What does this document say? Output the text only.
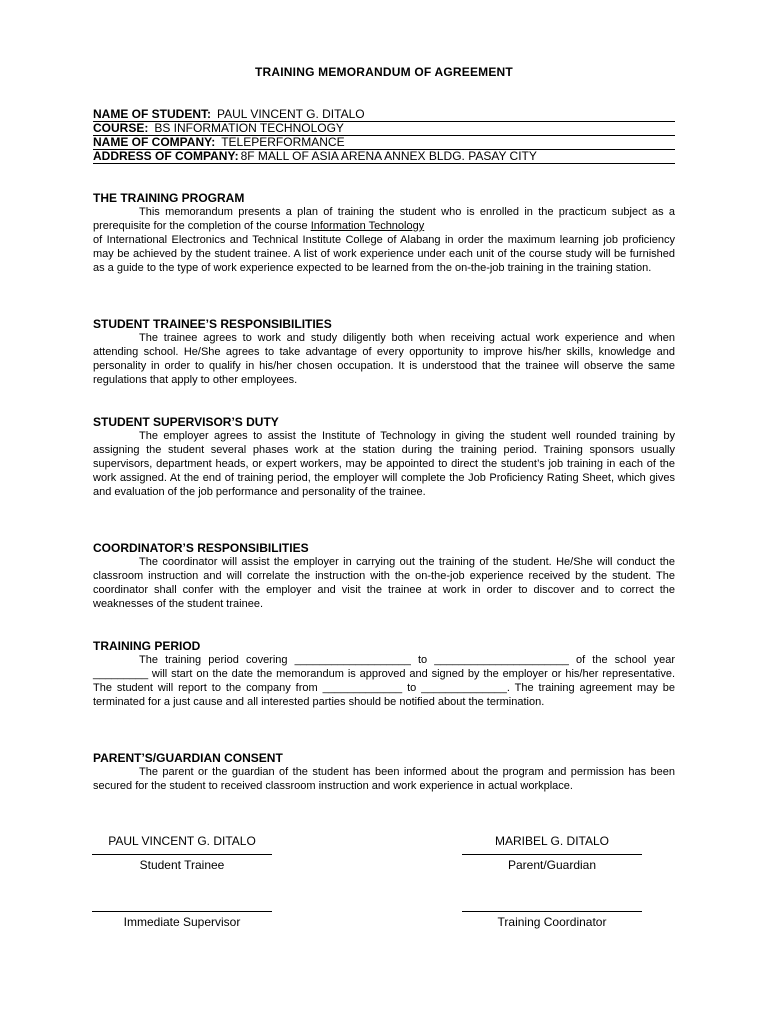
TRAINING MEMORANDUM OF AGREEMENT
NAME OF STUDENT: PAUL VINCENT G. DITALO
COURSE: BS INFORMATION TECHNOLOGY
NAME OF COMPANY: TELEPERFORMANCE
ADDRESS OF COMPANY: 8F MALL OF ASIA ARENA ANNEX BLDG. PASAY CITY
THE TRAINING PROGRAM

This memorandum presents a plan of training the student who is enrolled in the practicum subject as a prerequisite for the completion of the course Information Technology

of International Electronics and Technical Institute College of Alabang in order the maximum learning job proficiency may be achieved by the student trainee. A list of work experience under each unit of the course study will be furnished as a guide to the type of work experience expected to be learned from the on-the-job training in the training station.

STUDENT TRAINEE’S RESPONSIBILITIES

The trainee agrees to work and study diligently both when receiving actual work experience and when attending school. He/She agrees to take advantage of every opportunity to improve his/her skills, knowledge and personality in order to qualify in his/her chosen occupation. It is understood that the trainee will observe the same regulations that apply to other employees.

STUDENT SUPERVISOR’S DUTY

The employer agrees to assist the Institute of Technology in giving the student well rounded training by assigning the student several phases work at the station during the training period. Training sponsors usually supervisors, department heads, or expert workers, may be appointed to direct the student’s job training in each of the work assigned. At the end of training period, the employer will complete the Job Proficiency Rating Sheet, which gives and evaluation of the job performance and personality of the trainee.

COORDINATOR’S RESPONSIBILITIES

The coordinator will assist the employer in carrying out the training of the student. He/She will conduct the classroom instruction and will correlate the instruction with the on-the-job experience received by the student. The coordinator shall confer with the employer and visit the trainee at work in order to discover and to correct the weaknesses of the student trainee.

TRAINING PERIOD

The training period covering ___________________ to ______________________ of the school year _________ will start on the date the memorandum is approved and signed by the employer or his/her representative. The student will report to the company from _____________ to ______________. The training agreement may be terminated for a just cause and all interested parties should be notified about the termination.

PARENT’S/GUARDIAN CONSENT

The parent or the guardian of the student has been informed about the program and permission has been secured for the student to received classroom instruction and work experience in actual workplace.

PAUL VINCENT G. DITALO
Student Trainee
MARIBEL G. DITALO
Parent/Guardian
Immediate Supervisor	Training Coordinator
